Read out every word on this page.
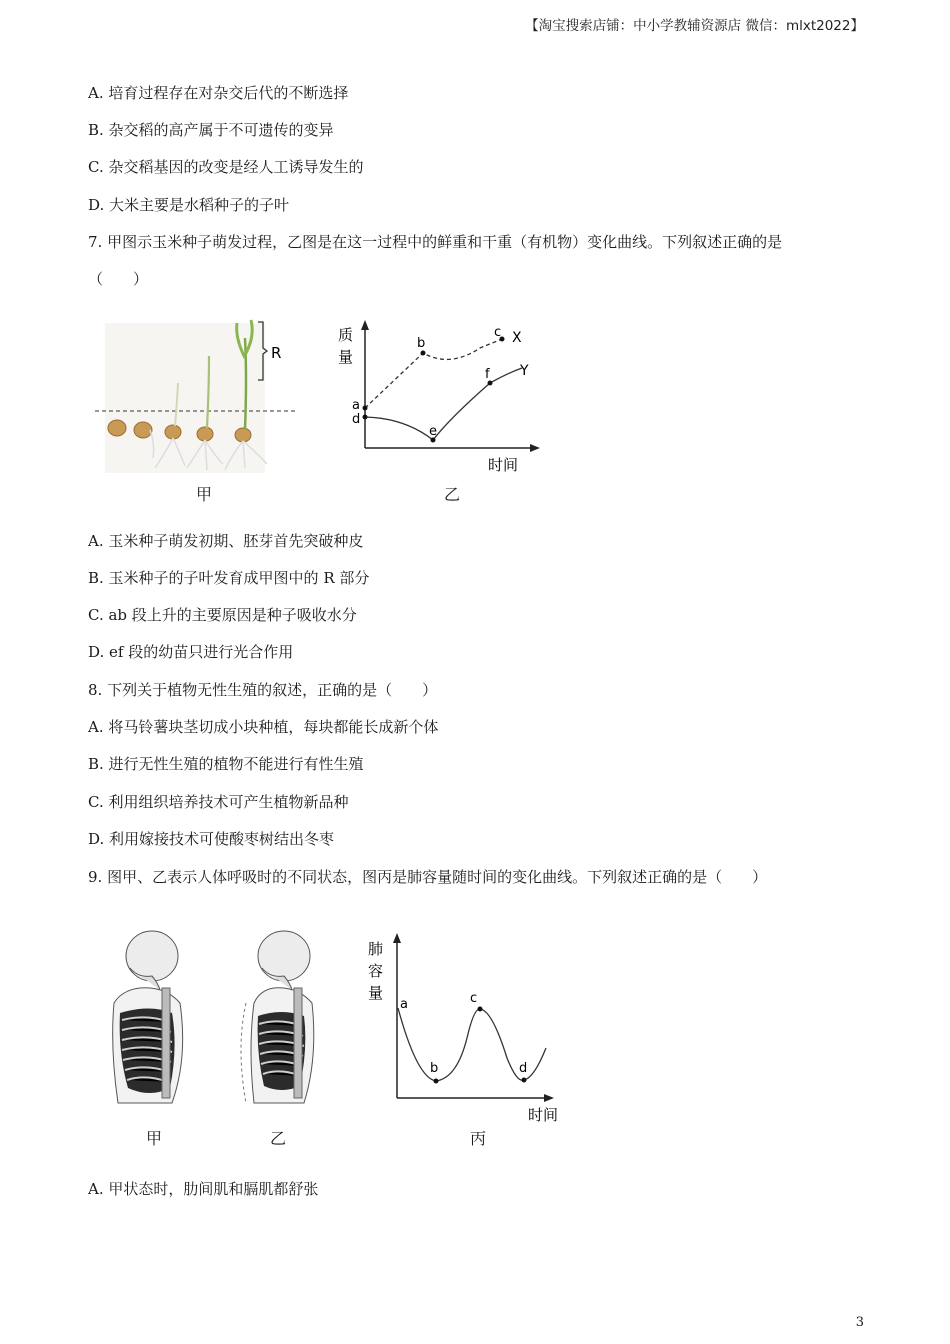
【淘宝搜索店铺：中小学教辅资源店 微信：mlxt2022】
A. 培育过程存在对杂交后代的不断选择
B. 杂交稻的高产属于不可遗传的变异
C. 杂交稻基因的改变是经人工诱导发生的
D. 大米主要是水稻种子的子叶
7. 甲图示玉米种子萌发过程，乙图是在这一过程中的鲜重和干重（有机物）变化曲线。下列叙述正确的是
（　　）
R
甲
质
量
时间
a
d
b
c
e
f
X
Y
乙
A. 玉米种子萌发初期、胚芽首先突破种皮
B. 玉米种子的子叶发育成甲图中的 R 部分
C. ab 段上升的主要原因是种子吸收水分
D. ef 段的幼苗只进行光合作用
8. 下列关于植物无性生殖的叙述，正确的是（　　）
A. 将马铃薯块茎切成小块种植，每块都能长成新个体
B. 进行无性生殖的植物不能进行有性生殖
C. 利用组织培养技术可产生植物新品种
D. 利用嫁接技术可使酸枣树结出冬枣
9. 图甲、乙表示人体呼吸时的不同状态，图丙是肺容量随时间的变化曲线。下列叙述正确的是（　　）
甲	乙
肺
容
量
时间
a
b
c
d
丙
A. 甲状态时，肋间肌和膈肌都舒张
3
